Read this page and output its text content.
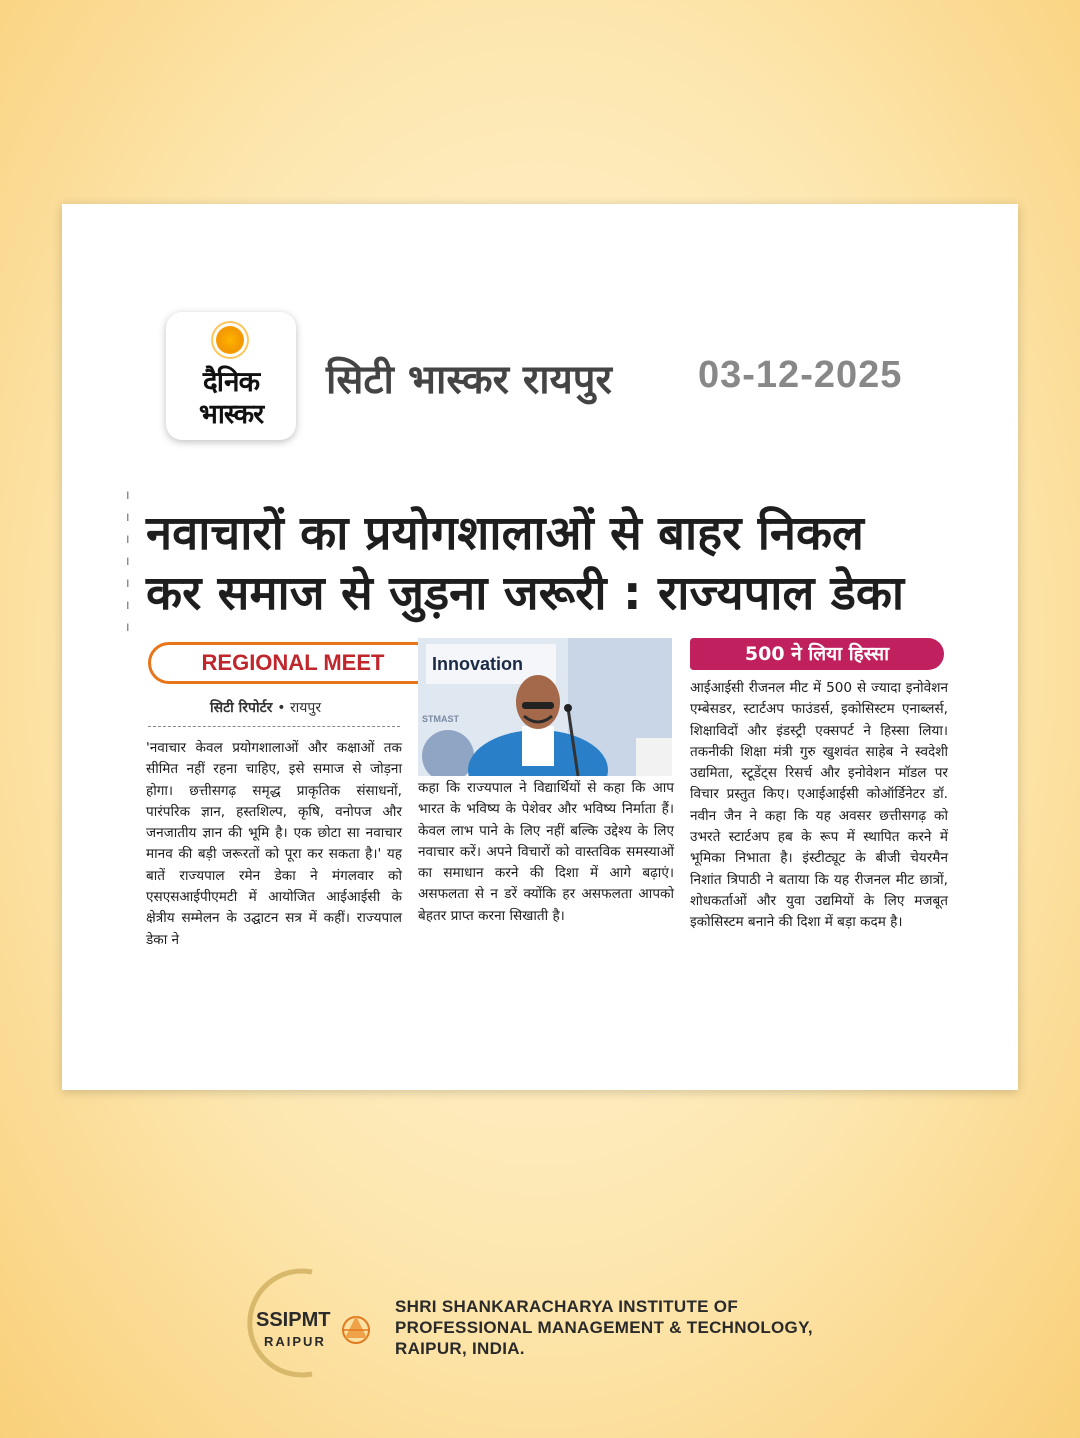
दैनिक
भास्कर
सिटी भास्कर रायपुर 03-12-2025
।
।
।
।
।
।
।
नवाचारों का प्रयोगशालाओं से बाहर निकल
कर समाज से जुड़ना जरूरी : राज्यपाल डेका
REGIONAL MEET
सिटी रिपोर्टर • रायपुर
'नवाचार केवल प्रयोगशालाओं और कक्षाओं तक सीमित नहीं रहना चाहिए, इसे समाज से जोड़ना होगा। छत्तीसगढ़ समृद्ध प्राकृतिक संसाधनों, पारंपरिक ज्ञान, हस्तशिल्प, कृषि, वनोपज और जनजातीय ज्ञान की भूमि है। एक छोटा सा नवाचार मानव की बड़ी जरूरतों को पूरा कर सकता है।' यह बातें राज्यपाल रमेन डेका ने मंगलवार को एसएसआईपीएमटी में आयोजित आईआईसी के क्षेत्रीय सम्मेलन के उद्घाटन सत्र में कहीं। राज्यपाल डेका ने
Innovation
STMAST
कहा कि राज्यपाल ने विद्यार्थियों से कहा कि आप भारत के भविष्य के पेशेवर और भविष्य निर्माता हैं। केवल लाभ पाने के लिए नहीं बल्कि उद्देश्य के लिए नवाचार करें। अपने विचारों को वास्तविक समस्याओं का समाधान करने की दिशा में आगे बढ़ाएं। असफलता से न डरें क्योंकि हर असफलता आपको बेहतर प्राप्त करना सिखाती है।
500 ने लिया हिस्सा
आईआईसी रीजनल मीट में 500 से ज्यादा इनोवेशन एम्बेसडर, स्टार्टअप फाउंडर्स, इकोसिस्टम एनाब्लर्स, शिक्षाविदों और इंडस्ट्री एक्सपर्ट ने हिस्सा लिया। तकनीकी शिक्षा मंत्री गुरु खुशवंत साहेब ने स्वदेशी उद्यमिता, स्टूडेंट्स रिसर्च और इनोवेशन मॉडल पर विचार प्रस्तुत किए। एआईआईसी कोऑर्डिनेटर डॉ. नवीन जैन ने कहा कि यह अवसर छत्तीसगढ़ को उभरते स्टार्टअप हब के रूप में स्थापित करने में भूमिका निभाता है। इंस्टीट्यूट के बीजी चेयरमैन निशांत त्रिपाठी ने बताया कि यह रीजनल मीट छात्रों, शोधकर्ताओं और युवा उद्यमियों के लिए मजबूत इकोसिस्टम बनाने की दिशा में बड़ा कदम है।
SSIPMT
RAIPUR
SHRI SHANKARACHARYA INSTITUTE OF
PROFESSIONAL MANAGEMENT & TECHNOLOGY,
RAIPUR, INDIA.
